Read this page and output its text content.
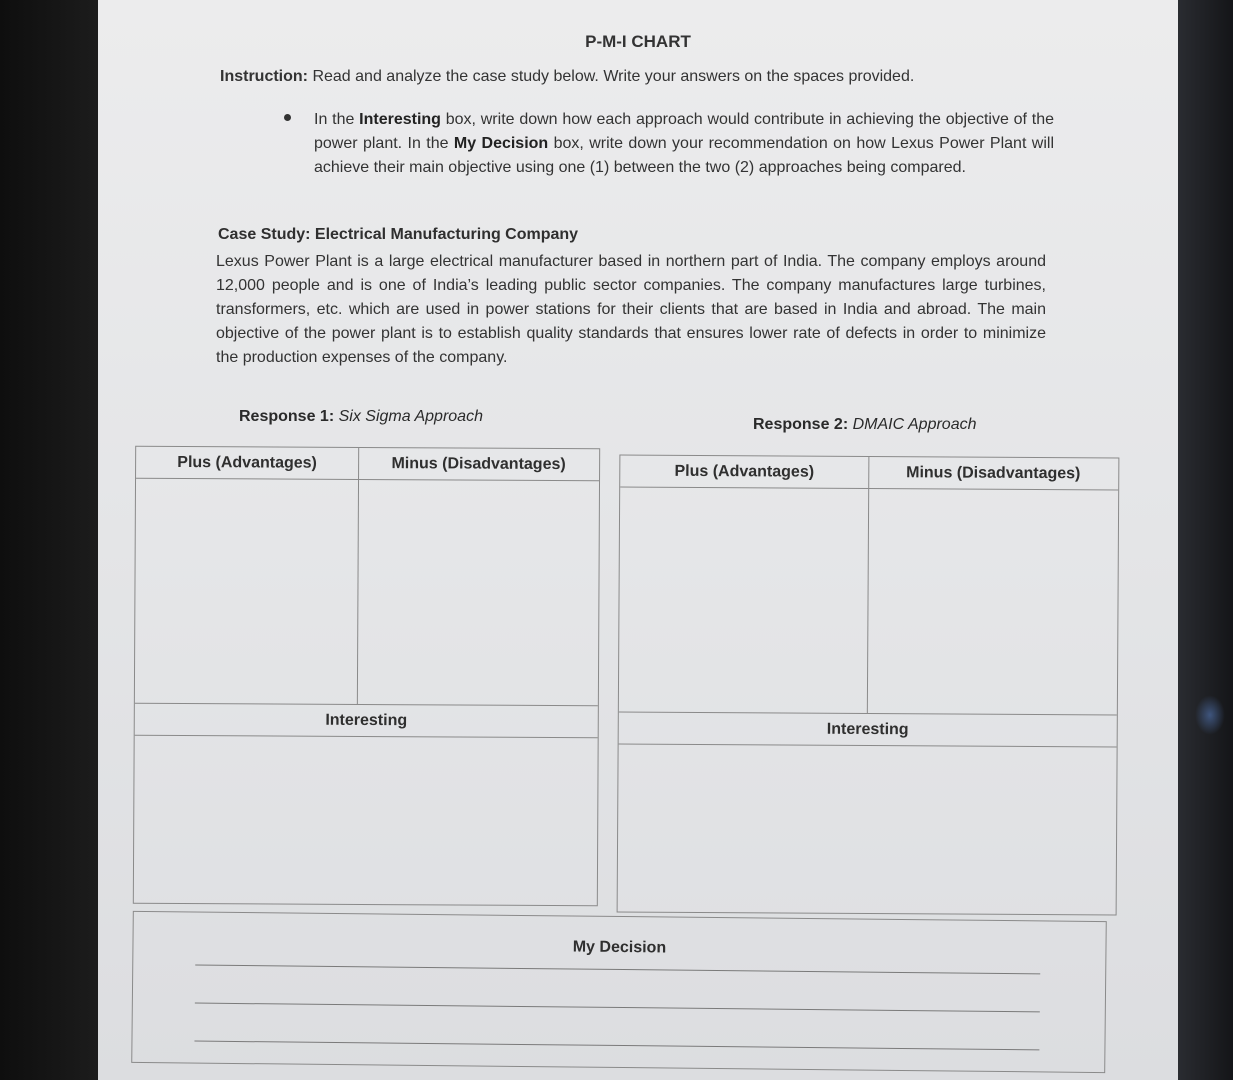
P-M-I CHART
Instruction: Read and analyze the case study below. Write your answers on the spaces provided.
In the Interesting box, write down how each approach would contribute in achieving the objective of the power plant. In the My Decision box, write down your recommendation on how Lexus Power Plant will achieve their main objective using one (1) between the two (2) approaches being compared.
Case Study: Electrical Manufacturing Company
Lexus Power Plant is a large electrical manufacturer based in northern part of India. The company employs around 12,000 people and is one of India’s leading public sector companies. The company manufactures large turbines, transformers, etc. which are used in power stations for their clients that are based in India and abroad. The main objective of the power plant is to establish quality standards that ensures lower rate of defects in order to minimize the production expenses of the company.
Response 1: Six Sigma Approach	Response 2: DMAIC Approach
Plus (Advantages)	Minus (Disadvantages)
Interesting
Plus (Advantages)	Minus (Disadvantages)
Interesting
My Decision
